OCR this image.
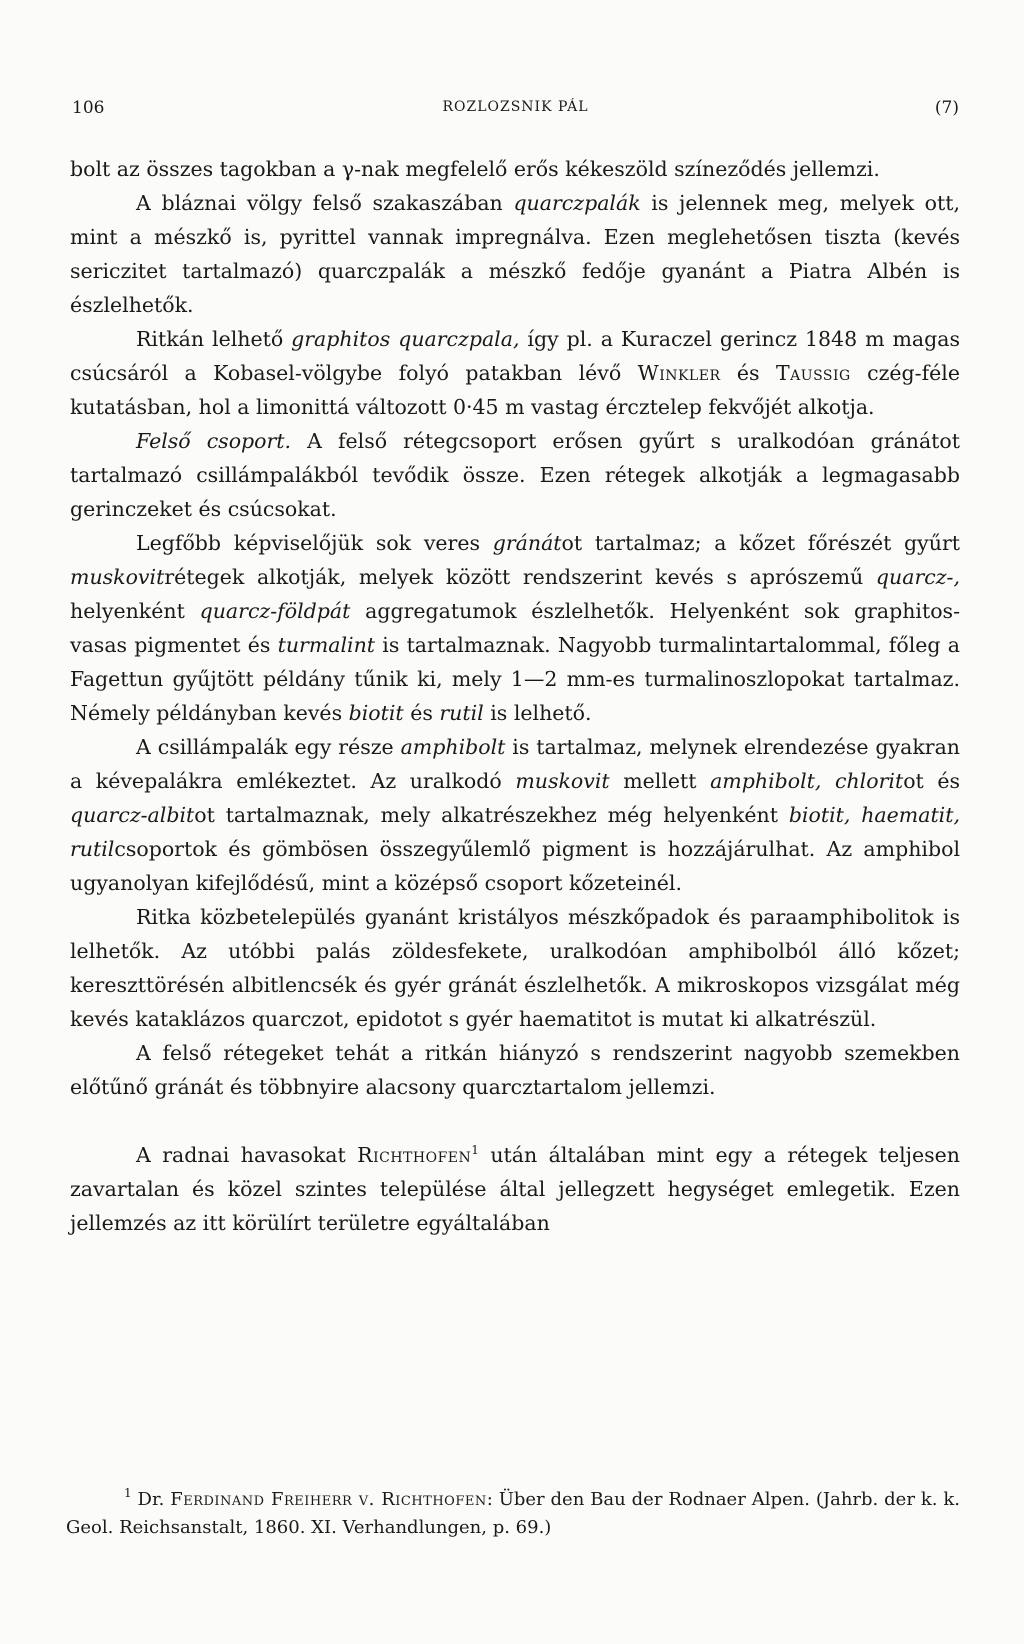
106	ROZLOZSNIK PÁL	(7)

bolt az összes tagokban a γ-nak megfelelő erős kékeszöld színeződés jellemzi.

A bláznai völgy felső szakaszában quarczpalák is jelennek meg, melyek ott, mint a mészkő is, pyrittel vannak impregnálva. Ezen meglehetősen tiszta (kevés sericzitet tartalmazó) quarczpalák a mészkő fedője gyanánt a Piatra Albén is észlelhetők.

Ritkán lelhető graphitos quarczpala, így pl. a Kuraczel gerincz 1848 m magas csúcsáról a Kobasel-völgybe folyó patakban lévő Winkler és Taussig czég-féle kutatásban, hol a limonittá változott 0·45 m vastag érczteleр fekvőjét alkotja.

Felső csoport. A felső rétegcsoport erősen gyűrt s uralkodóan gránátot tartalmazó csillámpalákból tevődik össze. Ezen rétegek alkotják a legmagasabb gerinczeket és csúcsokat.

Legfőbb képviselőjük sok veres gránátot tartalmaz; a kőzet főrészét gyűrt muskovitrétegek alkotják, melyek között rendszerint kevés s aprószemű quarcz-, helyenként quarcz-földpát aggregatumok észlelhetők. Helyenként sok graphitos-vasas pigmentet és turmalint is tartalmaznak. Nagyobb turmalintartalommal, főleg a Fagettun gyűjtött példány tűnik ki, mely 1—2 mm-es turmalinoszlopokat tartalmaz. Némely példányban kevés biotit és rutil is lelhető.

A csillámpalák egy része amphibolt is tartalmaz, melynek elrendezése gyakran a kévepalákra emlékeztet. Az uralkodó muskovit mellett amphibolt, chloritot és quarcz-albitot tartalmaznak, mely alkatrészekhez még helyenként biotit, haematit, rutilcsoportok és gömbösen összegyűlemlő pigment is hozzájárulhat. Az amphibol ugyanolyan kifejlődésű, mint a középső csoport kőzeteinél.

Ritka közbetelepülés gyanánt kristályos mészkőpadok és paraamphibolitok is lelhetők. Az utóbbi palás zöldesfekete, uralkodóan amphibolból álló kőzet; kereszttörésén albitlencsék és gyér gránát észlelhetők. A mikroskopos vizsgálat még kevés kataklázos quarczot, epidotot s gyér haematitot is mutat ki alkatrészül.

A felső rétegeket tehát a ritkán hiányzó s rendszerint nagyobb szemekben előtűnő gránát és többnyire alacsony quarcztartalom jellemzi.

A radnai havasokat Richthofen$^1$ után általában mint egy a rétegek teljesen zavartalan és közel szintes települése által jellegzett hegységet emlegetik. Ezen jellemzés az itt körülírt területre egyáltalában

$^1$ Dr. Ferdinand Freiherr v. Richthofen: Über den Bau der Rodnaer Alpen. (Jahrb. der k. k. Geol. Reichsanstalt, 1860. XI. Verhandlungen, p. 69.)
